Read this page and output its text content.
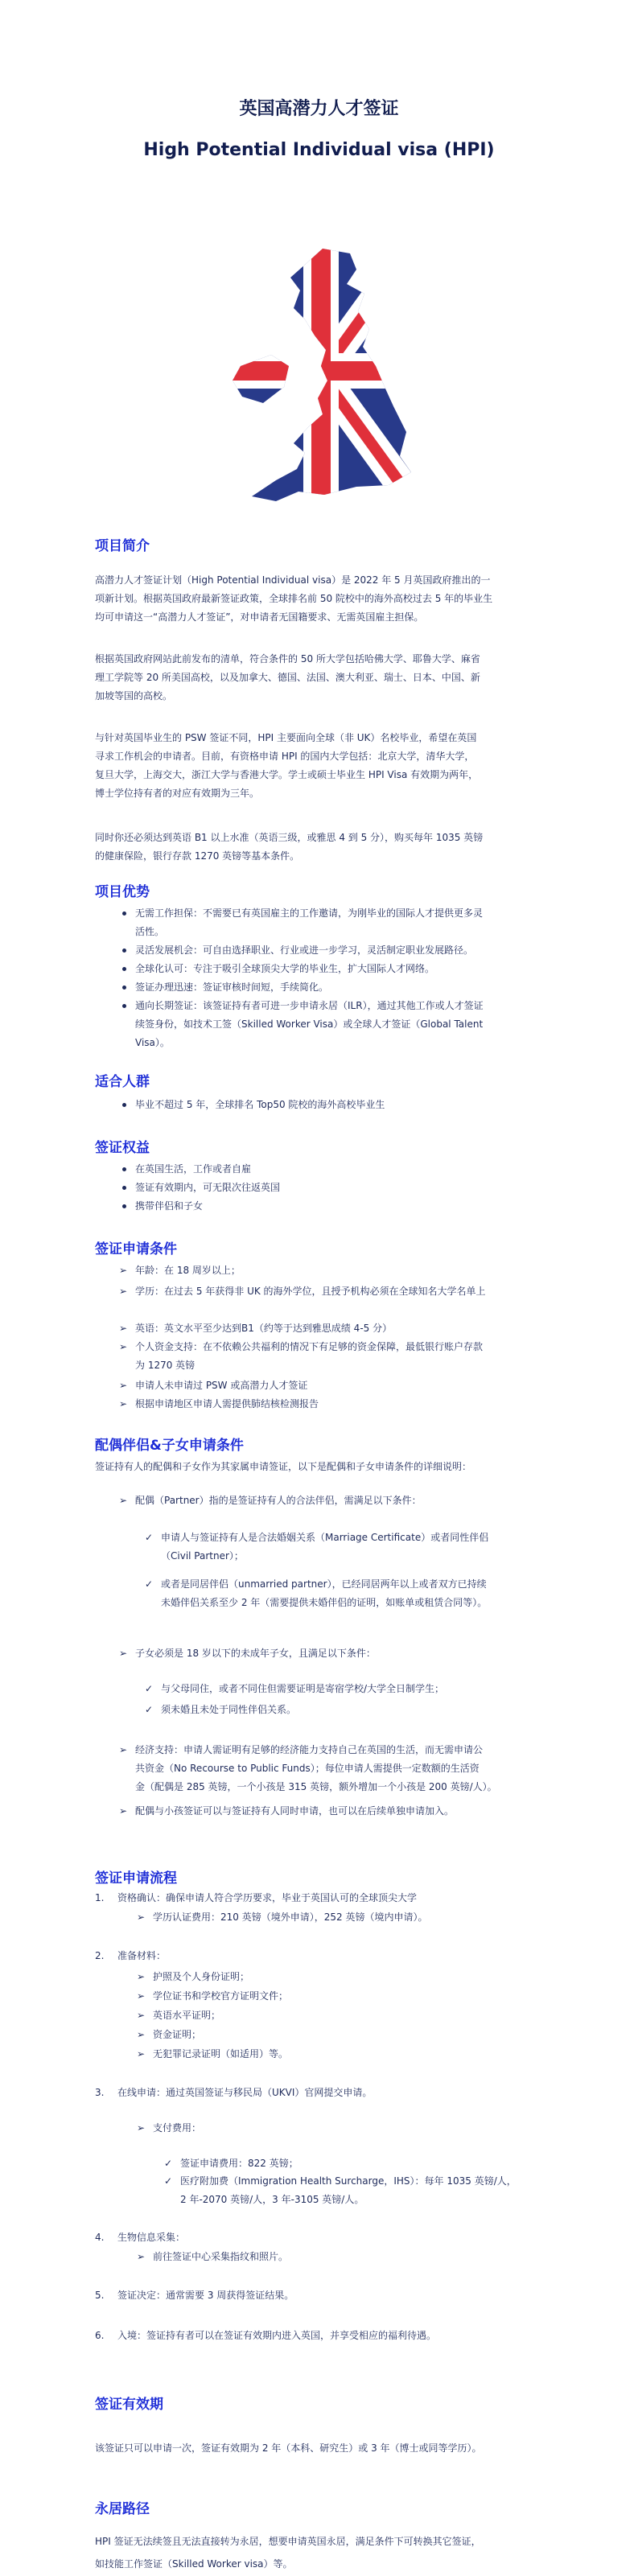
英国高潜力人才签证
High Potential Individual visa (HPI)
项目简介
高潜力人才签证计划（High Potential Individual visa）是 2022 年 5 月英国政府推出的一
项新计划。根据英国政府最新签证政策，全球排名前 50 院校中的海外高校过去 5 年的毕业生
均可申请这一“高潜力人才签证”，对申请者无国籍要求、无需英国雇主担保。
根据英国政府网站此前发布的清单，符合条件的 50 所大学包括哈佛大学、耶鲁大学、麻省
理工学院等 20 所美国高校，以及加拿大、德国、法国、澳大利亚、瑞士、日本、中国、新
加坡等国的高校。
与针对英国毕业生的 PSW 签证不同，HPI 主要面向全球（非 UK）名校毕业，希望在英国
寻求工作机会的申请者。目前，有资格申请 HPI 的国内大学包括：北京大学，清华大学，
复旦大学，上海交大，浙江大学与香港大学。学士或硕士毕业生 HPI Visa 有效期为两年，
博士学位持有者的对应有效期为三年。
同时你还必须达到英语 B1 以上水准（英语三级，或雅思 4 到 5 分），购买每年 1035 英镑
的健康保险，银行存款 1270 英镑等基本条件。
项目优势
无需工作担保：不需要已有英国雇主的工作邀请，为刚毕业的国际人才提供更多灵
活性。
灵活发展机会：可自由选择职业、行业或进一步学习，灵活制定职业发展路径。
全球化认可：专注于吸引全球顶尖大学的毕业生，扩大国际人才网络。
签证办理迅速：签证审核时间短，手续简化。
通向长期签证：该签证持有者可进一步申请永居（ILR），通过其他工作或人才签证
续签身份，如技术工签（Skilled Worker Visa）或全球人才签证（Global Talent
Visa）。
适合人群
毕业不超过 5 年，全球排名 Top50 院校的海外高校毕业生
签证权益
在英国生活，工作或者自雇
签证有效期内，可无限次往返英国
携带伴侣和子女
签证申请条件
➢ 年龄：在 18 周岁以上；
➢ 学历：在过去 5 年获得非 UK 的海外学位，且授予机构必须在全球知名大学名单上
➢ 英语：英文水平至少达到B1（约等于达到雅思成绩 4-5 分）
➢ 个人资金支持：在不依赖公共福利的情况下有足够的资金保障，最低银行账户存款
为 1270 英镑
➢ 申请人未申请过 PSW 或高潜力人才签证
➢ 根据申请地区申请人需提供肺结核检测报告
配偶伴侣&子女申请条件
签证持有人的配偶和子女作为其家属申请签证，以下是配偶和子女申请条件的详细说明：
➢ 配偶（Partner）指的是签证持有人的合法伴侣，需满足以下条件：
✓ 申请人与签证持有人是合法婚姻关系（Marriage Certificate）或者同性伴侣
（Civil Partner）；
✓ 或者是同居伴侣（unmarried partner），已经同居两年以上或者双方已持续
未婚伴侣关系至少 2 年（需要提供未婚伴侣的证明，如账单或租赁合同等）。
➢ 子女必须是 18 岁以下的未成年子女，且满足以下条件：
✓ 与父母同住，或者不同住但需要证明是寄宿学校/大学全日制学生；
✓ 须未婚且未处于同性伴侣关系。
➢ 经济支持：申请人需证明有足够的经济能力支持自己在英国的生活，而无需申请公
共资金（No Recourse to Public Funds）；每位申请人需提供一定数额的生活资
金（配偶是 285 英镑，一个小孩是 315 英镑，额外增加一个小孩是 200 英镑/人）。
➢ 配偶与小孩签证可以与签证持有人同时申请，也可以在后续单独申请加入。
签证申请流程
1. 资格确认：确保申请人符合学历要求，毕业于英国认可的全球顶尖大学
➢ 学历认证费用：210 英镑（境外申请），252 英镑（境内申请）。
2. 准备材料：
➢ 护照及个人身份证明；
➢ 学位证书和学校官方证明文件；
➢ 英语水平证明；
➢ 资金证明；
➢ 无犯罪记录证明（如适用）等。
3. 在线申请：通过英国签证与移民局（UKVI）官网提交申请。
➢ 支付费用：
✓ 签证申请费用：822 英镑；
✓ 医疗附加费（Immigration Health Surcharge，IHS）：每年 1035 英镑/人，
2 年-2070 英镑/人，3 年-3105 英镑/人。
4. 生物信息采集：
➢ 前往签证中心采集指纹和照片。
5. 签证决定：通常需要 3 周获得签证结果。
6. 入境：签证持有者可以在签证有效期内进入英国，并享受相应的福利待遇。
签证有效期
该签证只可以申请一次，签证有效期为 2 年（本科、研究生）或 3 年（博士或同等学历）。
永居路径
HPI 签证无法续签且无法直接转为永居，想要申请英国永居，满足条件下可转换其它签证，
如技能工作签证（Skilled Worker visa）等。
